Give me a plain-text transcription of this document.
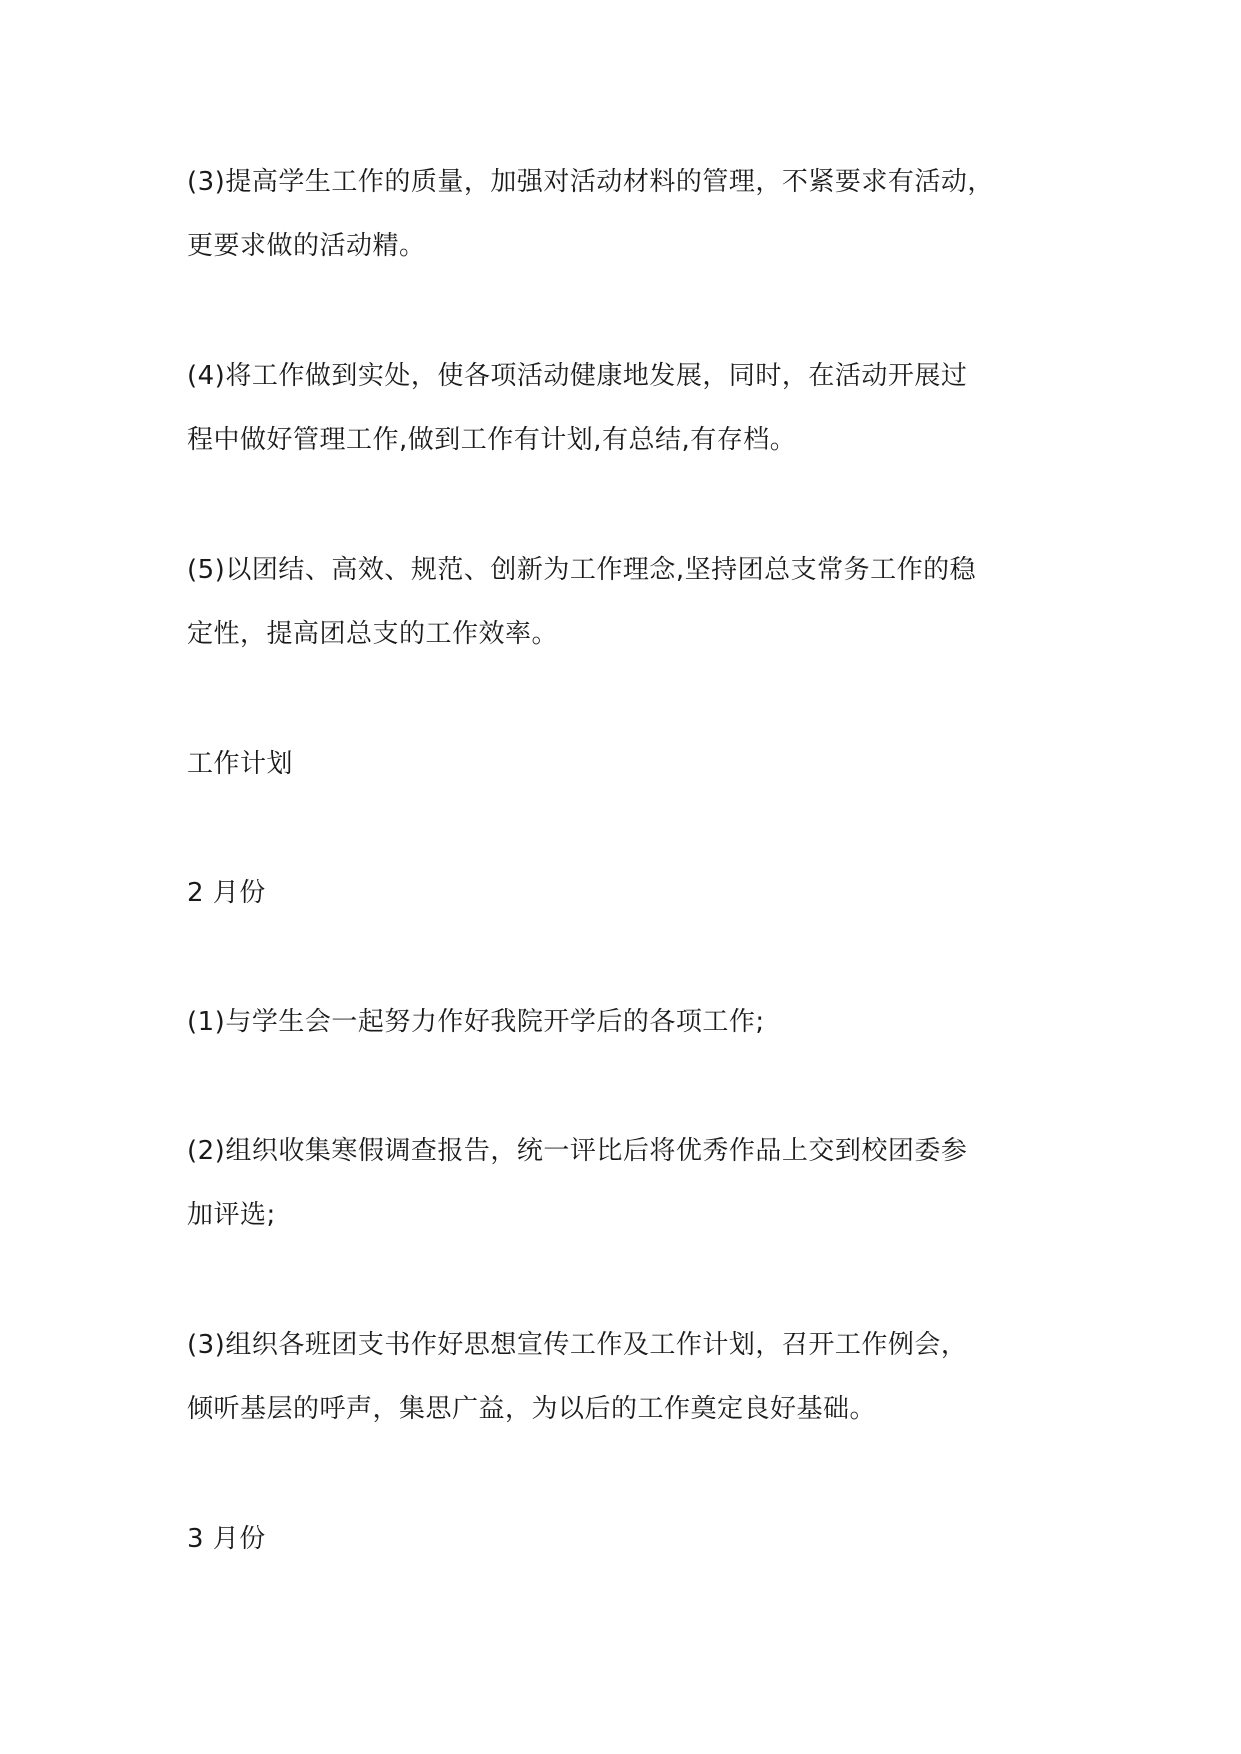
(3)提高学生工作的质量，加强对活动材料的管理，不紧要求有活动，
更要求做的活动精。

(4)将工作做到实处，使各项活动健康地发展，同时，在活动开展过
程中做好管理工作,做到工作有计划,有总结,有存档。

(5)以团结、高效、规范、创新为工作理念,坚持团总支常务工作的稳
定性，提高团总支的工作效率。

工作计划

2 月份

(1)与学生会一起努力作好我院开学后的各项工作;

(2)组织收集寒假调查报告，统一评比后将优秀作品上交到校团委参
加评选;

(3)组织各班团支书作好思想宣传工作及工作计划，召开工作例会，
倾听基层的呼声，集思广益，为以后的工作奠定良好基础。

3 月份
